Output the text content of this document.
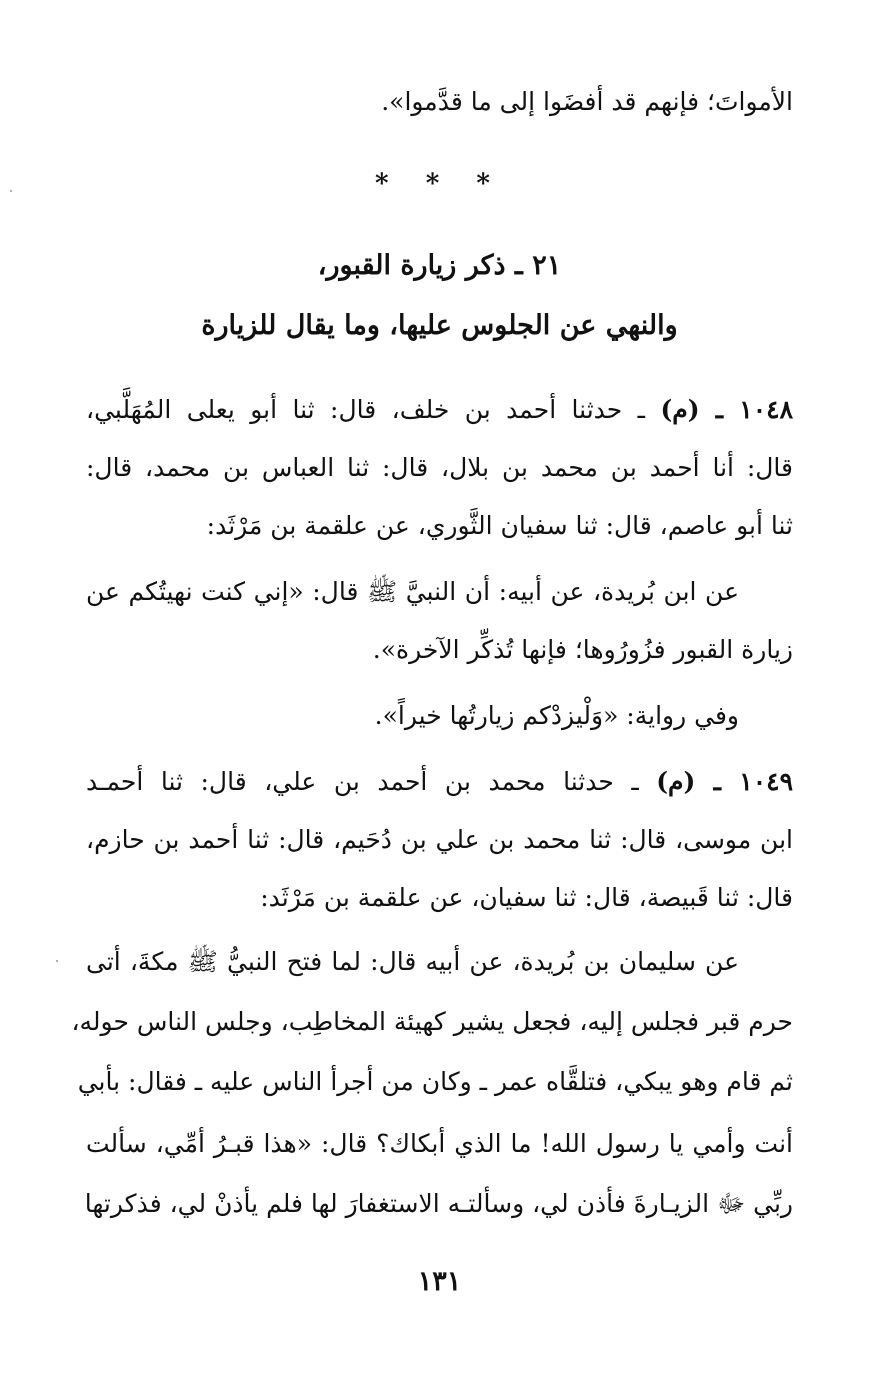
الأمواتَ؛ فإنهم قد أفضَوا إلى ما قدَّموا».
* * *
٢١ ـ ذكر زيارة القبور،
والنهي عن الجلوس عليها، وما يقال للزيارة
١٠٤٨ ـ (م) ـ حدثنا أحمد بن خلف، قال: ثنا أبو يعلى المُهَلَّبي،
قال: أنا أحمد بن محمد بن بلال، قال: ثنا العباس بن محمد، قال:
ثنا أبو عاصم، قال: ثنا سفيان الثَّوري، عن علقمة بن مَرْثَد:
عن ابن بُريدة، عن أبيه: أن النبيَّ ﷺ قال: «إني كنت نهيتُكم عن
زيارة القبور فزُورُوها؛ فإنها تُذكِّر الآخرة».
وفي رواية: «وَلْيزدْكم زيارتُها خيراً».
١٠٤٩ ـ (م) ـ حدثنا محمد بن أحمد بن علي، قال: ثنا أحمـد
ابن موسى، قال: ثنا محمد بن علي بن دُحَيم، قال: ثنا أحمد بن حازم،
قال: ثنا قَبيصة، قال: ثنا سفيان، عن علقمة بن مَرْثَد:
عن سليمان بن بُريدة، عن أبيه قال: لما فتح النبيُّ ﷺ مكةَ، أتى
حرم قبر فجلس إليه، فجعل يشير كهيئة المخاطِب، وجلس الناس حوله،
ثم قام وهو يبكي، فتلقَّاه عمر ـ وكان من أجرأ الناس عليه ـ فقال: بأبي
أنت وأمي يا رسول الله! ما الذي أبكاك؟ قال: «هذا قبـرُ أمِّي، سألت
ربِّي ﷻ الزيـارةَ فأذن لي، وسألتـه الاستغفارَ لها فلم يأذنْ لي، فذكرتها
١٣١
